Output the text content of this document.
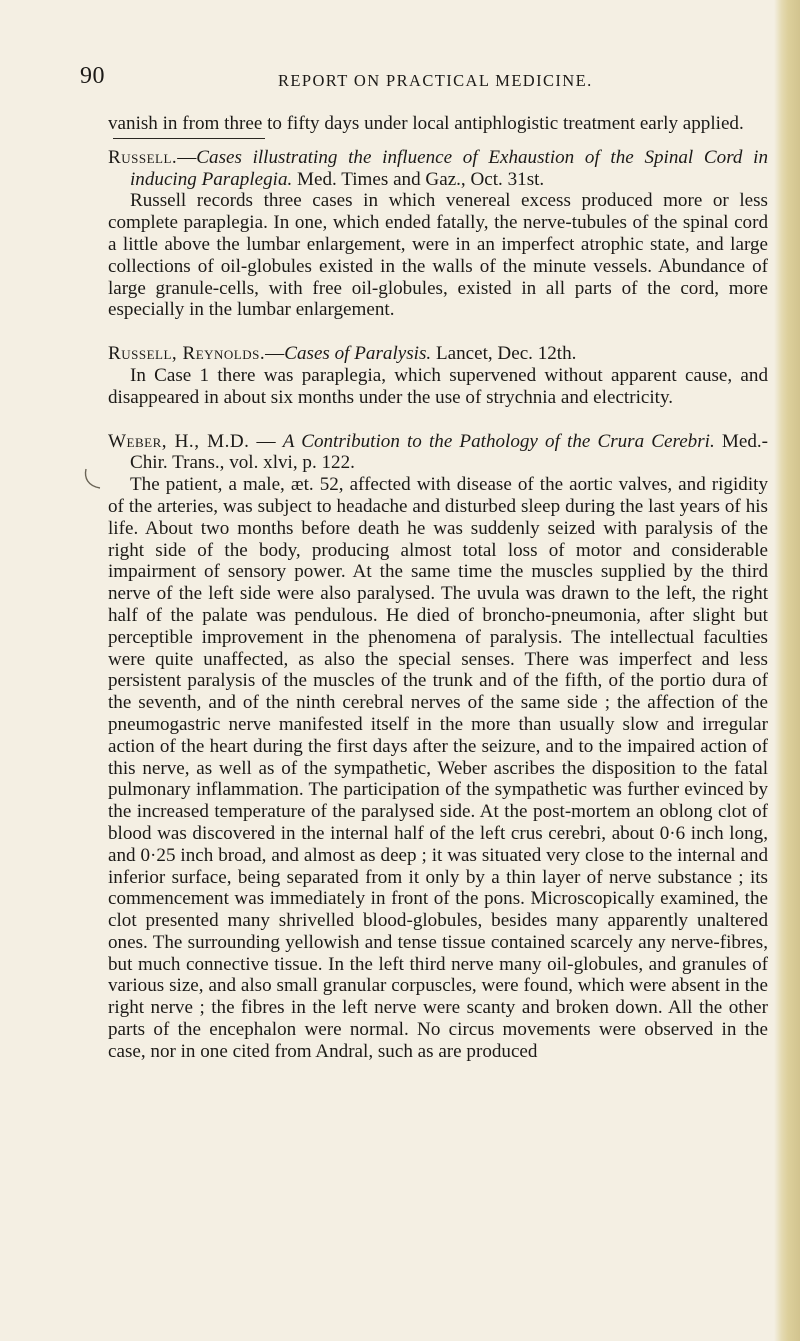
90	REPORT ON PRACTICAL MEDICINE.

vanish in from three to fifty days under local antiphlogistic treatment early applied.

Russell.—Cases illustrating the influence of Exhaustion of the Spinal Cord in inducing Paraplegia. Med. Times and Gaz., Oct. 31st.

Russell records three cases in which venereal excess produced more or less complete paraplegia. In one, which ended fatally, the nerve-tubules of the spinal cord a little above the lumbar enlargement, were in an imperfect atrophic state, and large collections of oil-globules existed in the walls of the minute vessels. Abundance of large granule-cells, with free oil-globules, existed in all parts of the cord, more especially in the lumbar enlargement.

Russell, Reynolds.—Cases of Paralysis. Lancet, Dec. 12th.

In Case 1 there was paraplegia, which supervened without apparent cause, and disappeared in about six months under the use of strychnia and electricity.

Weber, H., M.D. — A Contribution to the Pathology of the Crura Cerebri. Med.-Chir. Trans., vol. xlvi, p. 122.

The patient, a male, æt. 52, affected with disease of the aortic valves, and rigidity of the arteries, was subject to headache and disturbed sleep during the last years of his life. About two months before death he was suddenly seized with paralysis of the right side of the body, producing almost total loss of motor and considerable impairment of sensory power. At the same time the muscles supplied by the third nerve of the left side were also paralysed. The uvula was drawn to the left, the right half of the palate was pendulous. He died of broncho-pneumonia, after slight but perceptible improvement in the phenomena of paralysis. The intellectual faculties were quite unaffected, as also the special senses. There was imperfect and less persistent paralysis of the muscles of the trunk and of the fifth, of the portio dura of the seventh, and of the ninth cerebral nerves of the same side ; the affection of the pneumogastric nerve manifested itself in the more than usually slow and irregular action of the heart during the first days after the seizure, and to the impaired action of this nerve, as well as of the sympathetic, Weber ascribes the disposition to the fatal pulmonary inflammation. The participation of the sympathetic was further evinced by the increased temperature of the paralysed side. At the post-mortem an oblong clot of blood was discovered in the internal half of the left crus cerebri, about 0·6 inch long, and 0·25 inch broad, and almost as deep ; it was situated very close to the internal and inferior surface, being separated from it only by a thin layer of nerve substance ; its commencement was immediately in front of the pons. Microscopically examined, the clot presented many shrivelled blood-globules, besides many apparently unaltered ones. The surrounding yellowish and tense tissue contained scarcely any nerve-fibres, but much connective tissue. In the left third nerve many oil-globules, and granules of various size, and also small granular corpuscles, were found, which were absent in the right nerve ; the fibres in the left nerve were scanty and broken down. All the other parts of the encephalon were normal. No circus movements were observed in the case, nor in one cited from Andral, such as are produced
